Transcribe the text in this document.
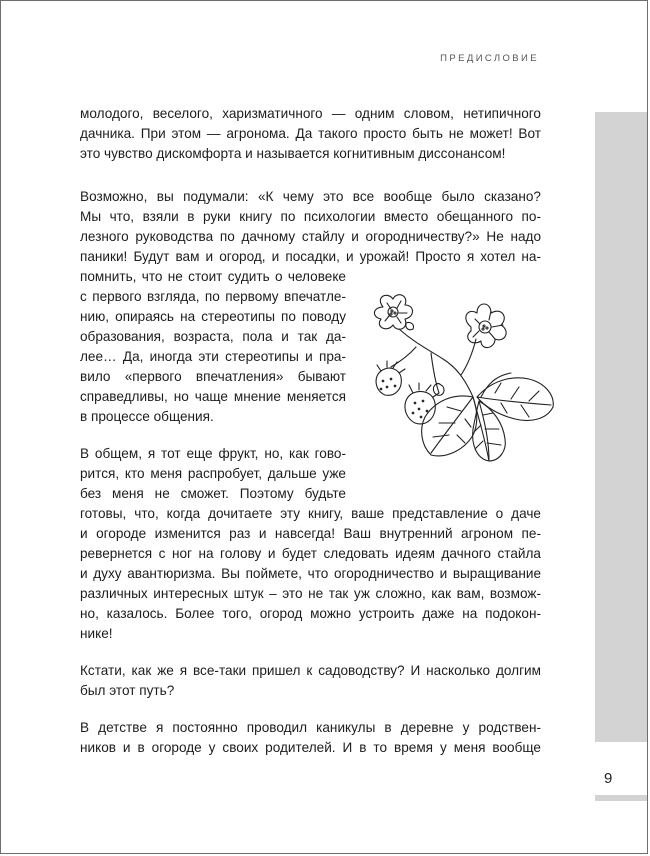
ПРЕДИСЛОВИЕ
9
молодого, веселого, харизматичного — одним словом, нетипичного
дачника. При этом — агронома. Да такого просто быть не может! Вот
это чувство дискомфорта и называется когнитивным диссонансом!
Возможно, вы подумали: «К чему это все вообще было сказано?
Мы что, взяли в руки книгу по психологии вместо обещанного по-
лезного руководства по дачному стайлу и огородничеству?» Не надо
паники! Будут вам и огород, и посадки, и урожай! Просто я хотел на-
помнить, что не стоит судить о человеке
с первого взгляда, по первому впечатле-
нию, опираясь на стереотипы по поводу
образования, возраста, пола и так да-
лее… Да, иногда эти стереотипы и пра-
вило «первого впечатления» бывают
справедливы, но чаще мнение меняется
в процессе общения.
В общем, я тот еще фрукт, но, как гово-
рится, кто меня распробует, дальше уже
без меня не сможет. Поэтому будьте
готовы, что, когда дочитаете эту книгу, ваше представление о даче
и огороде изменится раз и навсегда! Ваш внутренний агроном пе-
ревернется с ног на голову и будет следовать идеям дачного стайла
и духу авантюризма. Вы поймете, что огородничество и выращивание
различных интересных штук – это не так уж сложно, как вам, возмож-
но, казалось. Более того, огород можно устроить даже на подокон-
нике!
Кстати, как же я все-таки пришел к садоводству? И насколько долгим
был этот путь?
В детстве я постоянно проводил каникулы в деревне у родствен-
ников и в огороде у своих родителей. И в то время у меня вообще
